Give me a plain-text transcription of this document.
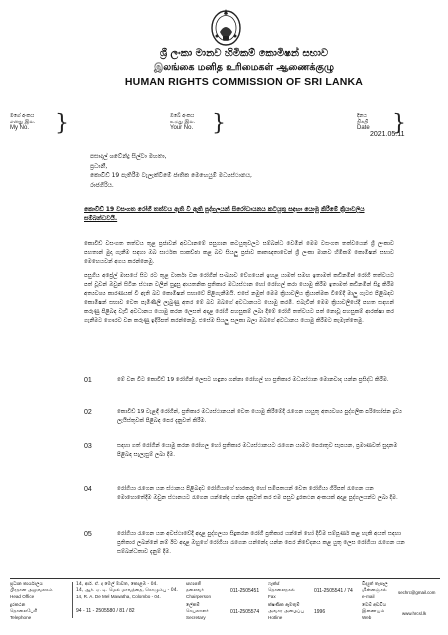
ශ්‍රී ලංකා මානව හිමිකම් කොමිෂන් සභාව
இலங்கை மனித உரிமைகள் ஆணைக்குழு
HUMAN RIGHTS COMMISSION OF SRI LANKA
මගේ අංකය
எனது இல.
My No. }	ඔබේ අංකය
உமது இல.
Your No. }	දිනය
திகதி
Date }
2021.05.11
පසාදල් ශවේන්ද්‍ර සිල්වා මහතා,
ප්‍රධානී,
කොවිඩ් 19 පැතිරීම වැලැක්වීමේ ජාතික මෙහෙයුම් මධ්‍යස්ථානය,
රාජගිරිය.
කොවිඩ් 19 වසංගත රෝගී තත්වය ඇති වී ඇති පුද්ගලයන් සිරෝධායනය කටයුතු සඳහා යොමු කිරීමේ ක්‍රියාවලිය සම්බන්ධවයි.
කොවිඩ් වසංගත තත්වය තුළ ප්‍රජාවන් අවධානමේ පසුගාන කටයුතුවලට සම්බන්ධ වෙමින් මෙම වසංගත තත්වයෙන් ශ්‍රී ලංකාව පහතාන් මුදා ගැනීම සඳහා ඔබ සාර්ථක සාකච්ඡා කළ බව සියලු ප්‍රජාව කෘතඥතාවෙන් ශ්‍රී ලංකා මානව හිමිකම් කොමිෂන් සභාව මෙහෙයවන් අගය කරන්නෙමු.
පසුගිය අප්‍රේල් මාසයේ සිට රට තුළ වාර්තා වන රෝගීන් සංඛ්‍යාව වේගයෙන් ඉහළ යාමත් සමඟ ඉතාමත් කඩිනමින් රෝගී තත්වයට පත් වූවන් ඔවුන් සිටින ස්ථාන වලින් සුදුසු ආයතනික ප්‍රතිකාර මධ්‍යස්ථාන හෝ රෝහල් කරා යොමු කිරීම ඉතාමත් කඩිනමින් සිදු කිරීම අත්‍යවශ්‍ය කාරණයක් වී ඇති බව කොමිෂන් සභාවේ පිළිගැනීමයි. එසේ නමුත් මෙම ක්‍රියාවලිය ක්‍රියාත්මක වීමේදී මාලු ගැටළු පිළිබඳව කොමිෂන් සභාව වෙත පැමිණිලි ලැබුණු අතර මේ බව ඔබගේ අවධානයට යොමු කරමි. එබැවින් මෙම ක්‍රියාවලියේදී පහත සඳහන් කරුණු පිළිබඳ වැඩි අවධානය යොමු කරන ලෙසත් අදාළ රෝගී පහසුකම් ලබා දීමේ රෝගී තත්වයට පත් නොවූ පහසුකම් ආරක්ෂා කර ගැනීමට ගෞරව වන කරුණු ඉදිරිපත් කරන්නෙමු. එසේම සියලු සලකා බලා ඔබගේ අවධානය යොමු කිරීමට කැමැත්තෙමු.
01	මේ වන විට කොවිඩ් 19 රෝගීන් ලෙසට හඳුනා ගන්නා රෝහල් හා ප්‍රතිකාර මධ්‍යස්ථාන මොනවාද යන්න ප්‍රසිද්ධ කිරීම.
02	කොවිඩ් 19 වැළඳී රෝගීන්, ප්‍රතිකාර මධ්‍යස්ථානයන් වෙත යොමු කිරීමේදී රැගෙන යායුතු අත්‍යවශ්‍ය පුද්ගලික පරිභෝජන ද්‍රව්‍ය ලැයිස්තුවක් පිළිබඳ පෙර දැනුවත් කිරීම.
03	සඳහා ගත් රෝගීන් යොමු කරන රෝහල හෝ ප්‍රතිකාර මධ්‍යස්ථානයට රැගෙන යාමට පෙරාතුව සැපයන, ප්‍රමාණවත් සුදානම පිළිබඳ සැලැසුම් ලබා දීම.
04	රෝගියා රැගෙන යන ස්ථානය පිළිබඳව රෝගියාගේ භාරකරු හෝ සමීපතයන් වෙත රෝගියා ගිරිපත් රැගෙන යන මොහොතේදීම ඔවුන ස්ථානයට රැගෙන යන්නේද යන්න දැනුවත් කර එම පසුව දුරකථන අංකයක් අදාළ පුද්ගලයන්ට ලබා දීම.
05	රෝගියා රැගෙන යන අවස්ථාවේදී අදාළ පුද්ගලයා සිදුකරන රෝගී ප්‍රතිකාර යන්නේ හෝ දිවීම සම්පූර්ණ කළ හැකි අයත් සඳහා ප්‍රතිකාර ලබන්නේ නම් ඊට අදාළ ඔහුගේ රෝගියා රැගෙන යන්නේද යන්න පෙර නිවේදනය කළ යුතු ලෙස රෝගියා රැගෙන යන සම්බන්ධතාව දැනුම් දීම.
ප්‍රධාන කාර්යාලය
பிரதான அலுவலகம்
Head Office
දුරකථන
தொலைபேசி
Telephone
14, ආර්. ඒ. ද මෙල් මාවත, කොළඹ - 04.
14, ஆர். ஏ. டி. மெல் மாவத்தை, கொழும்பு - 04.
14, R. A. De Mel Mawatha, Colombo - 04.
94 - 11 - 2505580 / 81 / 82
සභාපති
தலைவர்
Chairperson
011-2505451
ලේකම්
செயலாளர்
Secretary
011-2505574
ෆැක්ස්
தொலைநகல்
Fax
011-2505541 / 74
ක්ෂණික ඇමතුම්
அவசர அழைப்பு
Hotline
1996
විද්‍යුත් තැපෑල
மின்னஞ்சல்
e-mail
sechrc@gmail.com
වෙබ් අඩවිය
இணையம்
Web
www.hrcsl.lk
